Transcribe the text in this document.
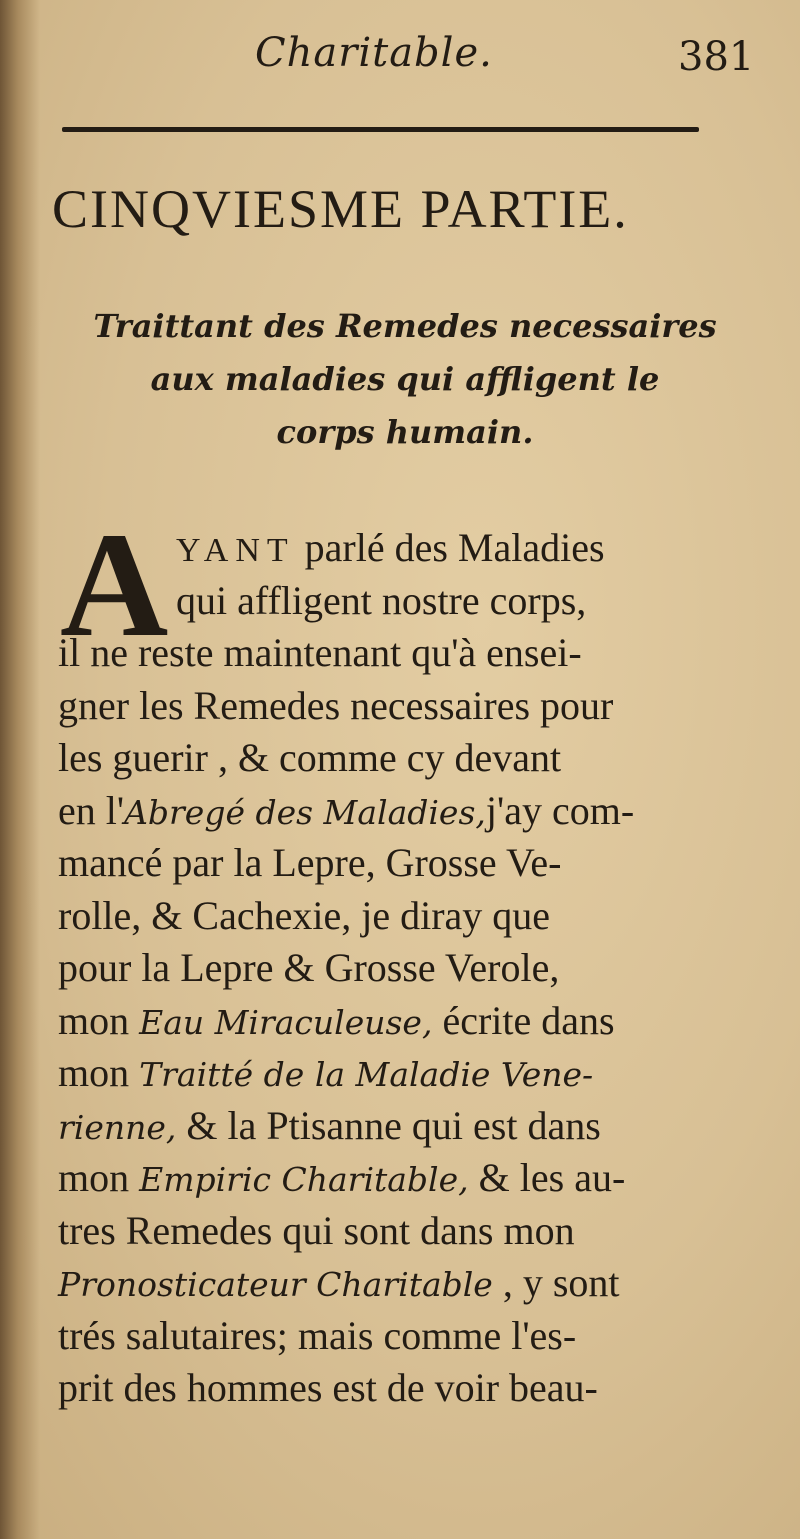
Charitable.	381
CINQVIESME PARTIE.
Traittant des Remedes necessaires
aux maladies qui affligent le
corps humain.
A YANT parlé des Maladies
qui affligent nostre corps,
il ne reste maintenant qu'à ensei-
gner les Remedes necessaires pour
les guerir , & comme cy devant
en l'Abregé des Maladies,j'ay com-
mancé par la Lepre, Grosse Ve-
rolle, & Cachexie, je diray que
pour la Lepre & Grosse Verole,
mon Eau Miraculeuse, écrite dans
mon Traitté de la Maladie Vene-
rienne, & la Ptisanne qui est dans
mon Empiric Charitable, & les au-
tres Remedes qui sont dans mon
Pronosticateur Charitable , y sont
trés salutaires; mais comme l'es-
prit des hommes est de voir beau-
